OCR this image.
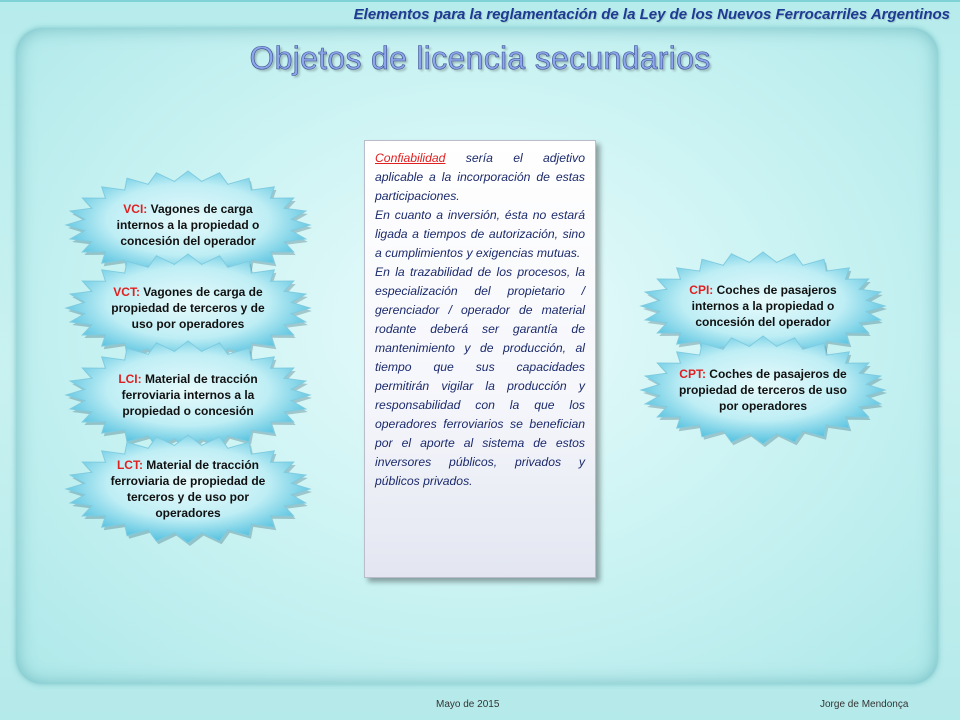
Elementos para la reglamentación de la Ley de los Nuevos Ferrocarriles Argentinos
Objetos de licencia secundarios
VCI: Vagones de carga internos a la propiedad o concesión del operador
VCT: Vagones de carga de propiedad de terceros y de uso por operadores
LCI: Material de tracción ferroviaria internos a la propiedad o concesión
LCT: Material de tracción ferroviaria de propiedad de terceros y de uso por operadores
CPI: Coches de pasajeros internos a la propiedad o concesión del operador
CPT: Coches de pasajeros de propiedad de terceros de uso por operadores

Confiabilidad sería el adjetivo aplicable a la incorporación de estas participaciones.

En cuanto a inversión, ésta no estará ligada a tiempos de autorización, sino a cumplimientos y exigencias mutuas.

En la trazabilidad de los procesos, la especialización del propietario / gerenciador / operador de material rodante deberá ser garantía de mantenimiento y de producción, al tiempo que sus capacidades permitirán vigilar la producción y responsabilidad con la que los operadores ferroviarios se benefician por el aporte al sistema de estos inversores públicos, privados y públicos privados.

Mayo de 2015	Jorge de Mendonça
